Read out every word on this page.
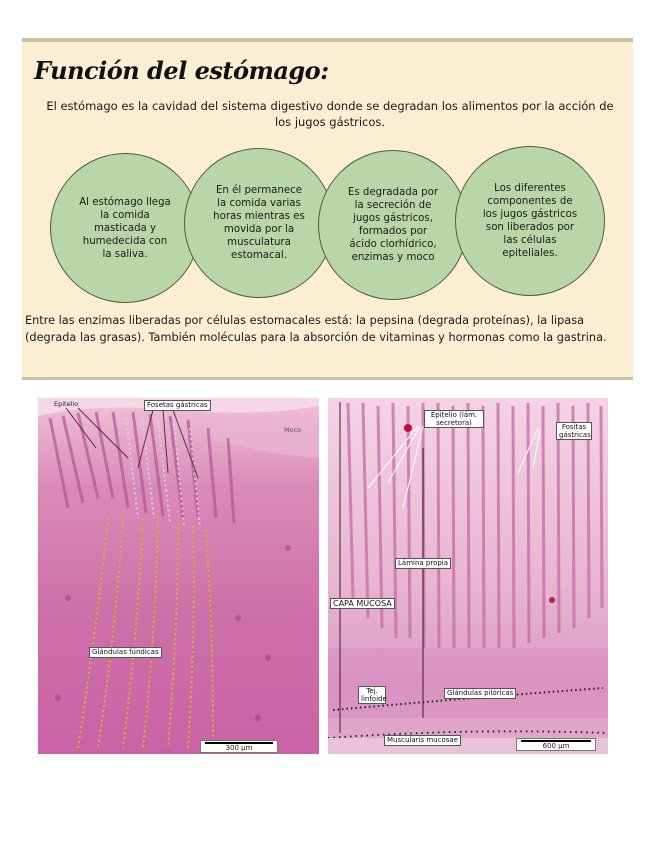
Función del estómago:
El estómago es la cavidad del sistema digestivo donde se degradan los alimentos por la acción de los jugos gástricos.
Al estómago llega la comida masticada y humedecida con la saliva.
En él permanece la comida varias horas mientras es movida por la musculatura estomacal.
Es degradada por la secreción de jugos gástricos, formados por ácido clorhídrico, enzimas y moco
Los diferentes componentes de los jugos gástricos son liberados por las células epiteliales.
Entre las enzimas liberadas por células estomacales está: la pepsina (degrada proteínas), la lipasa (degrada las grasas). También moléculas para la absorción de vitaminas y hormonas como la gastrina.
Epitelio	Fosetas gástricas
Moco
Glándulas fúndicas
300 µm
Epitelio (lám. secretora)	Fositas gástricas
Lámina propia
CAPA MUCOSA
Tej. linfoide
Glándulas pilóricas
Muscularis mucosae
600 µm
